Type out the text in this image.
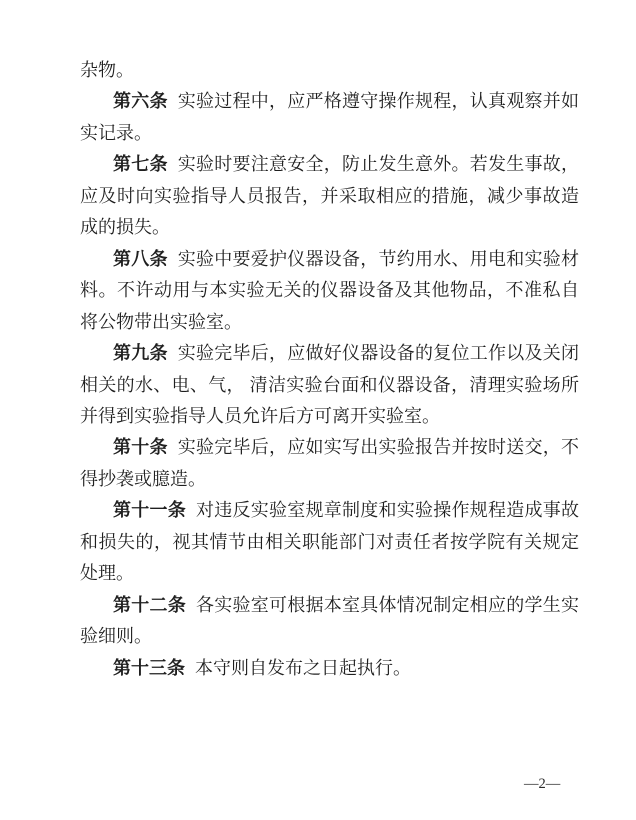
杂物。

第六条 实验过程中，应严格遵守操作规程，认真观察并如实记录。

第七条 实验时要注意安全，防止发生意外。若发生事故，应及时向实验指导人员报告，并采取相应的措施，减少事故造成的损失。

第八条 实验中要爱护仪器设备，节约用水、用电和实验材料。不许动用与本实验无关的仪器设备及其他物品，不准私自将公物带出实验室。

第九条 实验完毕后，应做好仪器设备的复位工作以及关闭相关的水、电、气， 清洁实验台面和仪器设备，清理实验场所并得到实验指导人员允许后方可离开实验室。

第十条 实验完毕后，应如实写出实验报告并按时送交，不得抄袭或臆造。

第十一条 对违反实验室规章制度和实验操作规程造成事故和损失的，视其情节由相关职能部门对责任者按学院有关规定处理。

第十二条 各实验室可根据本室具体情况制定相应的学生实验细则。

第十三条 本守则自发布之日起执行。

—2—
